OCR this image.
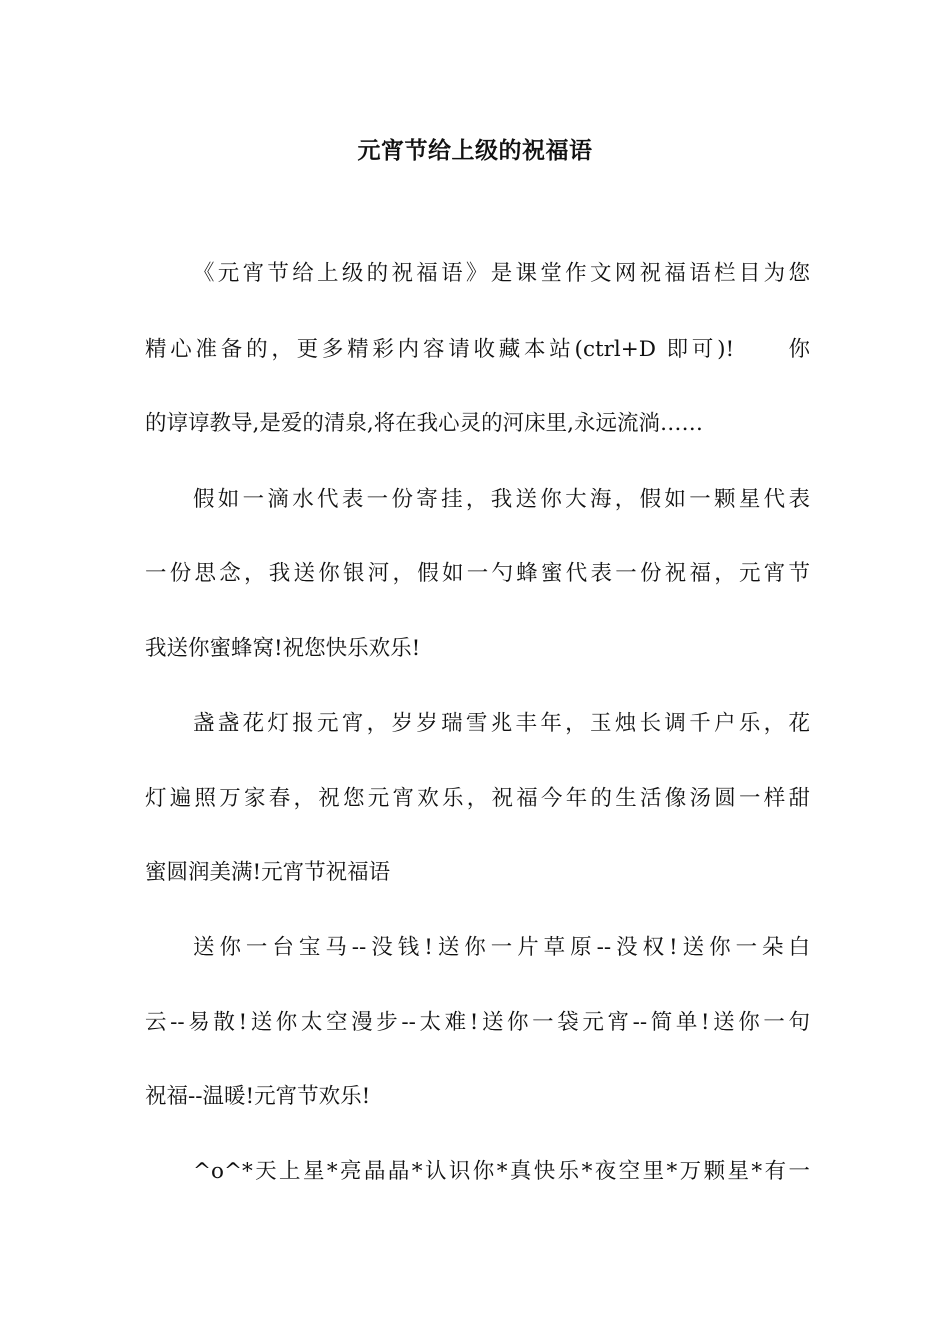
元宵节给上级的祝福语
《元宵节给上级的祝福语》是课堂作文网祝福语栏目为您
精心准备的，更多精彩内容请收藏本站(ctrl+D 即可)!　　你
的谆谆教导,是爱的清泉,将在我心灵的河床里,永远流淌……
假如一滴水代表一份寄挂，我送你大海，假如一颗星代表
一份思念，我送你银河，假如一勺蜂蜜代表一份祝福，元宵节
我送你蜜蜂窝!祝您快乐欢乐!
盏盏花灯报元宵，岁岁瑞雪兆丰年，玉烛长调千户乐，花
灯遍照万家春，祝您元宵欢乐，祝福今年的生活像汤圆一样甜
蜜圆润美满!元宵节祝福语
送你一台宝马--没钱!送你一片草原--没权!送你一朵白
云--易散!送你太空漫步--太难!送你一袋元宵--简单!送你一句
祝福--温暖!元宵节欢乐!
^o^*天上星*亮晶晶*认识你*真快乐*夜空里*万颗星*有一
